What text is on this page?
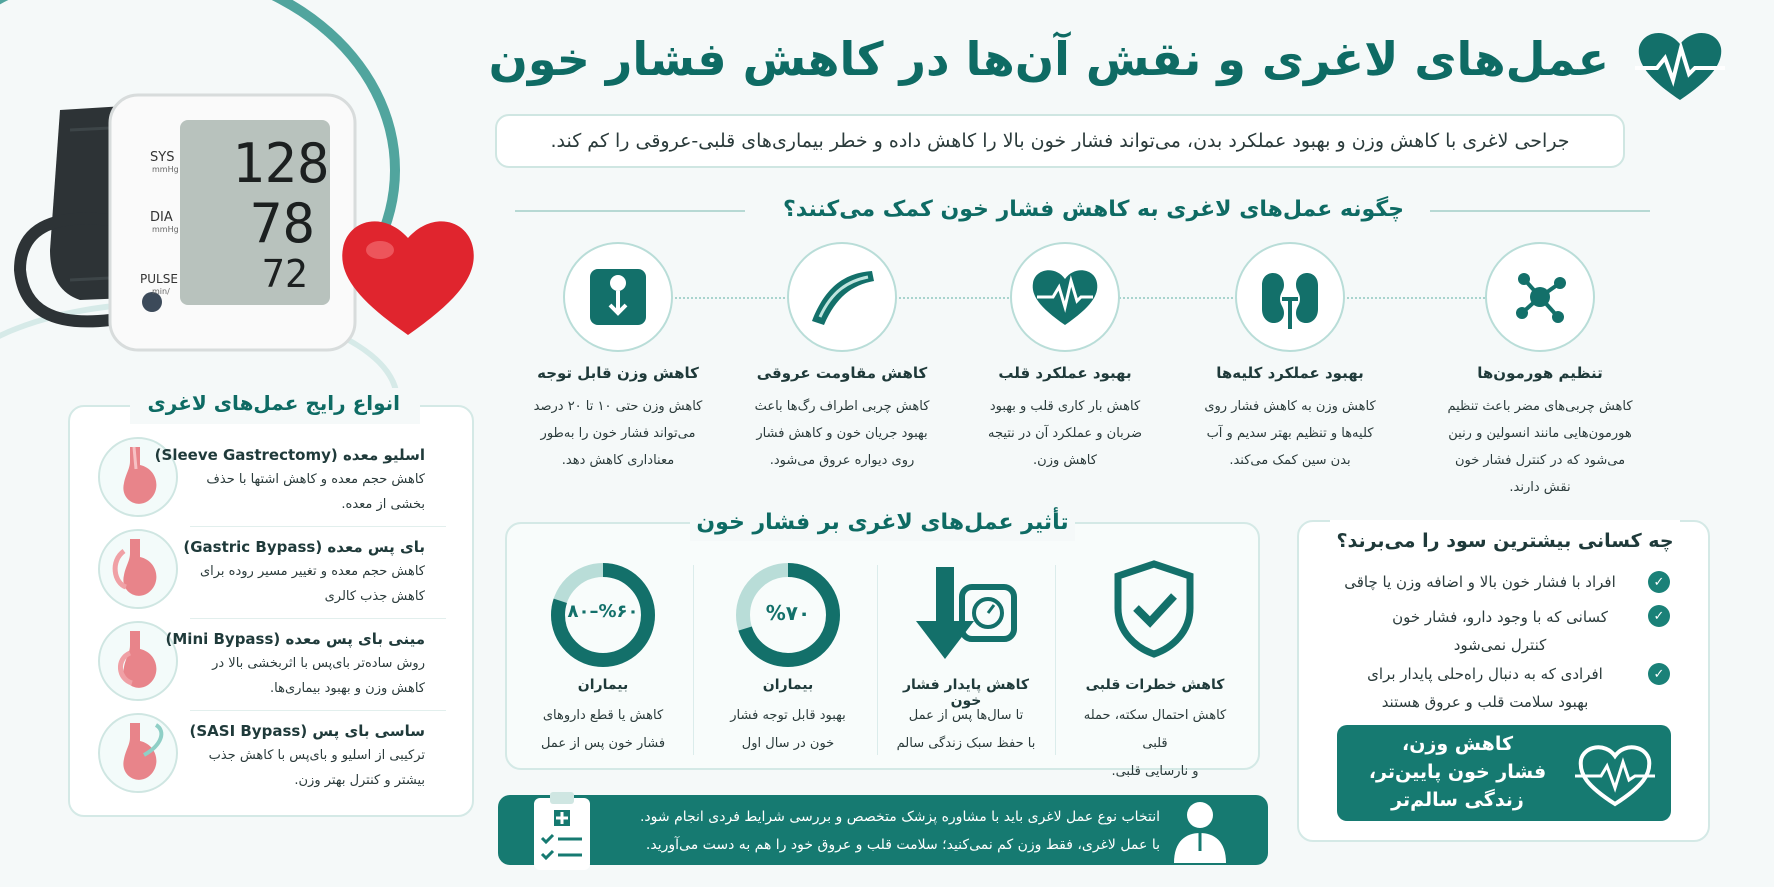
SYS
mmHg
DIA
mmHg
PULSE
/min
128
78
72
عمل‌های لاغری و نقش آن‌ها در کاهش فشار خون
جراحی لاغری با کاهش وزن و بهبود عملکرد بدن، می‌تواند فشار خون بالا را کاهش داده و خطر بیماری‌های قلبی-عروقی را کم کند.
چگونه عمل‌های لاغری به کاهش فشار خون کمک می‌کنند؟
تنظیم هورمون‌ها
کاهش چربی‌های مضر باعث تنظیم
هورمون‌هایی مانند انسولین و رنین
می‌شود که در کنترل فشار خون
نقش دارند.
بهبود عملکرد کلیه‌ها
کاهش وزن به کاهش فشار روی
کلیه‌ها و تنظیم بهتر سدیم و آب
بدن سین کمک می‌کند.
بهبود عملکرد قلب
کاهش بار کاری قلب و بهبود
ضربان و عملکرد آن در نتیجه
کاهش وزن.
کاهش مقاومت عروقی
کاهش چربی اطراف رگ‌ها باعث
بهبود جریان خون و کاهش فشار
روی دیواره عروق می‌شود.
کاهش وزن قابل توجه
کاهش وزن حتی ۱۰ تا ۲۰ درصد
می‌تواند فشار خون را به‌طور
معناداری کاهش دهد.
انواع رایج عمل‌های لاغری
اسلیو معده (Sleeve Gastrectomy)
کاهش حجم معده و کاهش اشتها با حذف
بخشی از معده.
بای پس معده (Gastric Bypass)
کاهش حجم معده و تغییر مسیر روده برای
کاهش جذب کالری
مینی بای پس معده (Mini Bypass)
روش ساده‌تر بای‌پس با اثربخشی بالا در
کاهش وزن و بهبود بیماری‌ها.
ساسی بای پس (SASI Bypass)
ترکیبی از اسلیو و بای‌پس با کاهش جذب
بیشتر و کنترل بهتر وزن.
تأثیر عمل‌های لاغری بر فشار خون
کاهش خطرات قلبی
کاهش احتمال سکته، حمله قلبی
و نارسایی قلبی.
کاهش پایدار فشار خون
تا سال‌ها پس از عمل
با حفظ سبک زندگی سالم
%۷۰
بیماران
بهبود قابل توجه فشار
خون در سال اول
%۶۰–۸۰
بیماران
کاهش یا قطع داروهای
فشار خون پس از عمل
چه کسانی بیشترین سود را می‌برند؟
✓
افراد با فشار خون بالا و اضافه وزن یا چاقی
✓
کسانی که با وجود دارو، فشار خون
کنترل نمی‌شود
✓
افرادی که به دنبال راه‌حلی پایدار برای
بهبود سلامت قلب و عروق هستند
کاهش وزن،
فشار خون پایین‌تر،
زندگی سالم‌تر
انتخاب نوع عمل لاغری باید با مشاوره پزشک متخصص و بررسی شرایط فردی انجام شود.
با عمل لاغری، فقط وزن کم نمی‌کنید؛ سلامت قلب و عروق خود را هم به دست می‌آورید.
